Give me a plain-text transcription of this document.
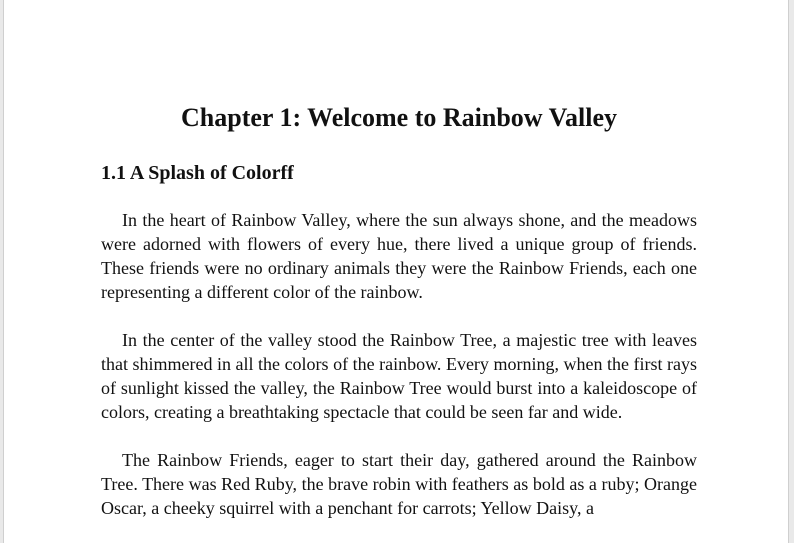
Chapter 1: Welcome to Rainbow Valley
1.1 A Splash of Colorff

In the heart of Rainbow Valley, where the sun always shone, and the meadows were adorned with flowers of every hue, there lived a unique group of friends. These friends were no ordinary animals they were the Rainbow Friends, each one representing a different color of the rainbow.

In the center of the valley stood the Rainbow Tree, a majestic tree with leaves that shimmered in all the colors of the rainbow. Every morning, when the first rays of sunlight kissed the valley, the Rainbow Tree would burst into a kaleidoscope of colors, creating a breathtaking spectacle that could be seen far and wide.

The Rainbow Friends, eager to start their day, gathered around the Rainbow Tree. There was Red Ruby, the brave robin with feathers as bold as a ruby; Orange Oscar, a cheeky squirrel with a penchant for carrots; Yellow Daisy, a
